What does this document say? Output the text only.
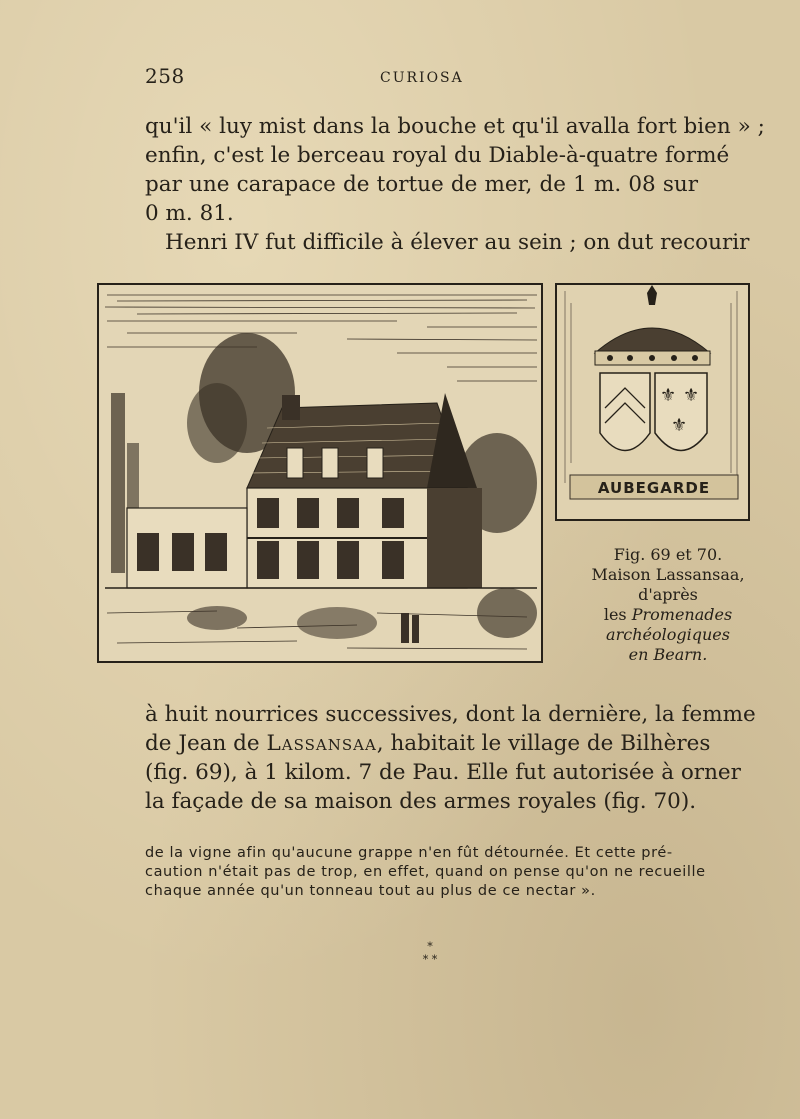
258	CURIOSA
qu'il « luy mist dans la bouche et qu'il avalla fort bien » ;
enfin, c'est le berceau royal du Diable-à-quatre formé
par une carapace de tortue de mer, de 1 m. 08 sur
0 m. 81.
Henri IV fut difficile à élever au sein ; on dut recourir
⚜ ⚜
⚜
AUBEGARDE
Fig. 69 et 70.
Maison Lassansaa,
d'après
les Promenades
archéologiques
en Bearn.
à huit nourrices successives, dont la dernière, la femme
de Jean de Lassansaa, habitait le village de Bilhères
(fig. 69), à 1 kilom. 7 de Pau. Elle fut autorisée à orner
la façade de sa maison des armes royales (fig. 70).
de la vigne afin qu'aucune grappe n'en fût détournée. Et cette pré-
caution n'était pas de trop, en effet, quand on pense qu'on ne recueille
chaque année qu'un tonneau tout au plus de ce nectar ».
*
* *
